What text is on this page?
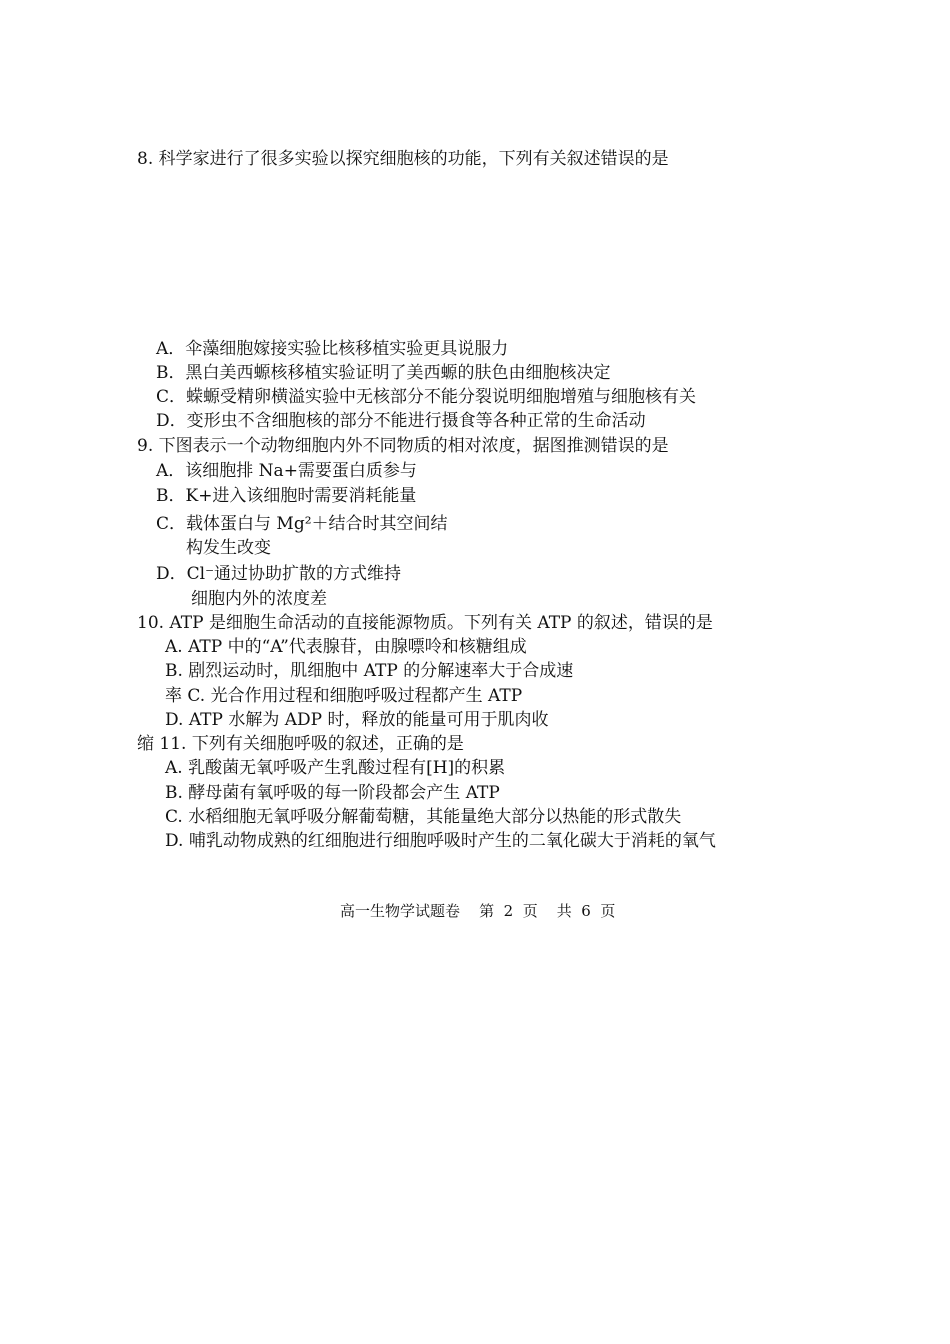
8. 科学家进行了很多实验以探究细胞核的功能，下列有关叙述错误的是
A．伞藻细胞嫁接实验比核移植实验更具说服力
B．黑白美西螈核移植实验证明了美西螈的肤色由细胞核决定
C．蝾螈受精卵横溢实验中无核部分不能分裂说明细胞增殖与细胞核有关
D．变形虫不含细胞核的部分不能进行摄食等各种正常的生命活动
9. 下图表示一个动物细胞内外不同物质的相对浓度，据图推测错误的是
A．该细胞排 Na+需要蛋白质参与
B．K+进入该细胞时需要消耗能量
C．载体蛋白与 Mg²＋结合时其空间结
构发生改变
D．Cl⁻通过协助扩散的方式维持
细胞内外的浓度差
10. ATP 是细胞生命活动的直接能源物质。下列有关 ATP 的叙述，错误的是
A. ATP 中的“A”代表腺苷，由腺嘌呤和核糖组成
B. 剧烈运动时，肌细胞中 ATP 的分解速率大于合成速
率 C. 光合作用过程和细胞呼吸过程都产生 ATP
D. ATP 水解为 ADP 时，释放的能量可用于肌肉收
缩 11. 下列有关细胞呼吸的叙述，正确的是
A. 乳酸菌无氧呼吸产生乳酸过程有[H]的积累
B. 酵母菌有氧呼吸的每一阶段都会产生 ATP
C. 水稻细胞无氧呼吸分解葡萄糖，其能量绝大部分以热能的形式散失
D. 哺乳动物成熟的红细胞进行细胞呼吸时产生的二氧化碳大于消耗的氧气
高一生物学试题卷    第  2  页    共  6  页
